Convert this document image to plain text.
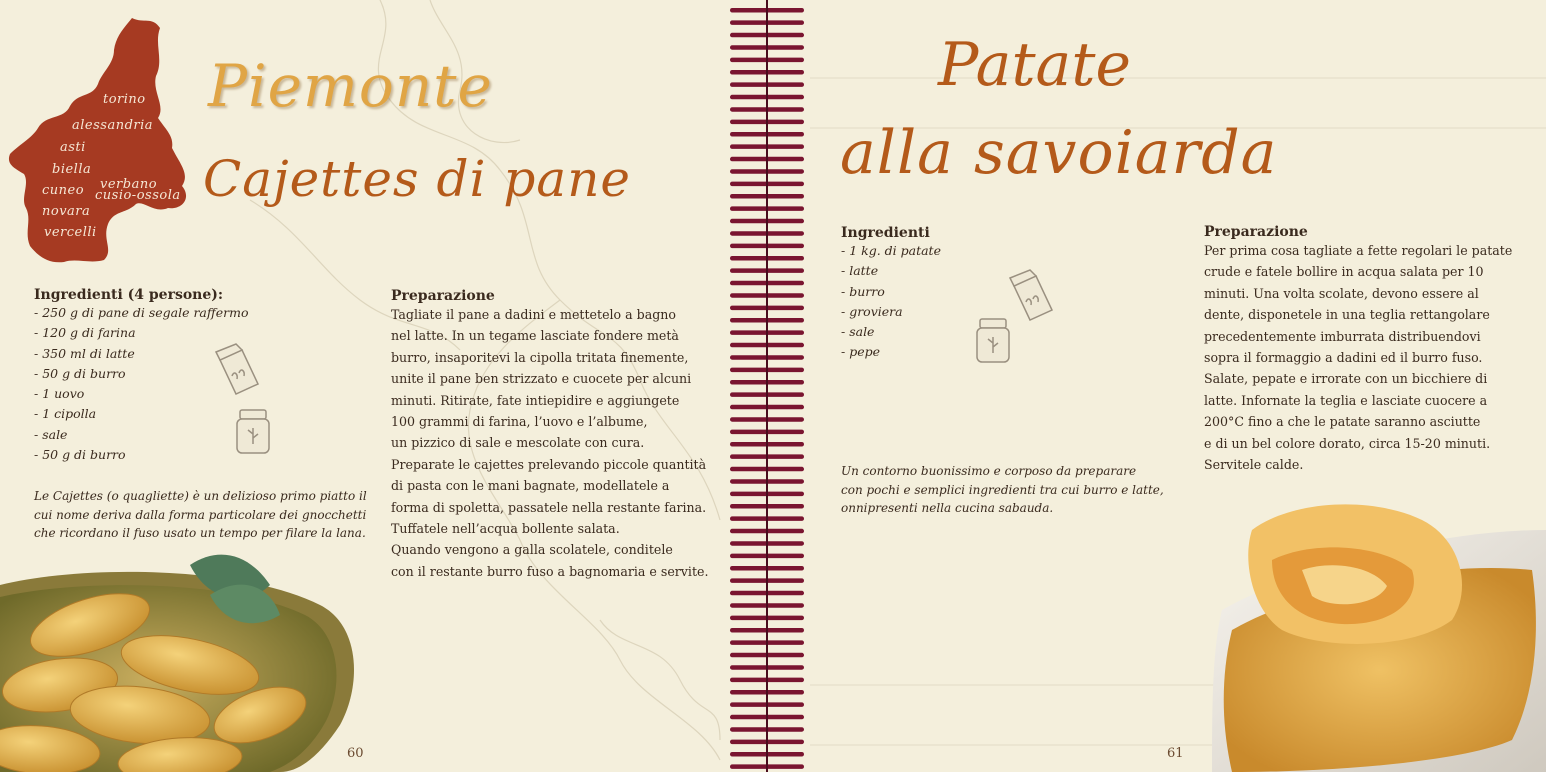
torino
alessandria
asti
biella
cuneo verbano
cusio-ossola
novara
vercelli
Piemonte
Cajettes di pane
Ingredienti (4 persone):
- 250 g di pane di segale raffermo
- 120 g di farina
- 350 ml di latte
- 50 g di burro
- 1 uovo
- 1 cipolla
- sale
- 50 g di burro
Le Cajettes (o quagliette) è un delizioso primo piatto il
cui nome deriva dalla forma particolare dei gnocchetti
che ricordano il fuso usato un tempo per filare la lana.
Preparazione
Tagliate il pane a dadini e mettetelo a bagno
nel latte. In un tegame lasciate fondere metà
burro, insaporitevi la cipolla tritata finemente,
unite il pane ben strizzato e cuocete per alcuni
minuti. Ritirate, fate intiepidire e aggiungete
100 grammi di farina, l’uovo e l’albume,
un pizzico di sale e mescolate con cura.
Preparate le cajettes prelevando piccole quantità
di pasta con le mani bagnate, modellatele a
forma di spoletta, passatele nella restante farina.
Tuffatele nell’acqua bollente salata.
Quando vengono a galla scolatele, conditele
con il restante burro fuso a bagnomaria e servite.
60
Patate
alla savoiarda
Ingredienti
- 1 kg. di patate
- latte
- burro
- groviera
- sale
- pepe
Un contorno buonissimo e corposo da preparare
con pochi e semplici ingredienti tra cui burro e latte,
onnipresenti nella cucina sabauda.
Preparazione
Per prima cosa tagliate a fette regolari le patate
crude e fatele bollire in acqua salata per 10
minuti. Una volta scolate, devono essere al
dente, disponetele in una teglia rettangolare
precedentemente imburrata distribuendovi
sopra il formaggio a dadini ed il burro fuso.
Salate, pepate e irrorate con un bicchiere di
latte. Infornate la teglia e lasciate cuocere a
200°C fino a che le patate saranno asciutte
e di un bel colore dorato, circa 15-20 minuti.
Servitele calde.
61
